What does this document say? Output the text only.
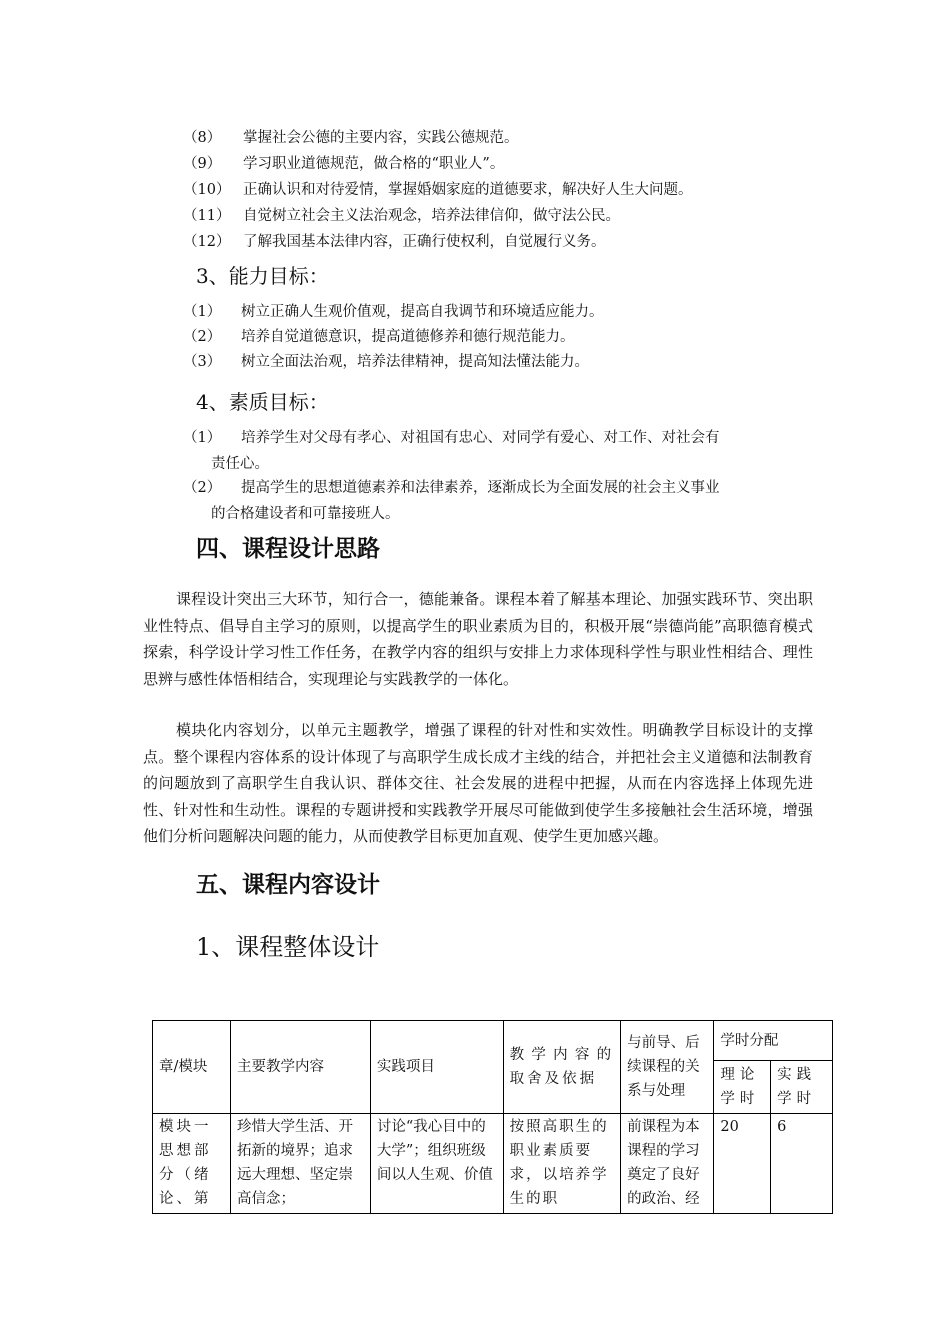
（8） 掌握社会公德的主要内容，实践公德规范。
（9） 学习职业道德规范，做合格的“职业人”。
（10） 正确认识和对待爱情，掌握婚姻家庭的道德要求，解决好人生大问题。
（11） 自觉树立社会主义法治观念，培养法律信仰，做守法公民。
（12） 了解我国基本法律内容，正确行使权利，自觉履行义务。
3、能力目标：
（1） 树立正确人生观价值观，提高自我调节和环境适应能力。
（2） 培养自觉道德意识，提高道德修养和德行规范能力。
（3） 树立全面法治观，培养法律精神，提高知法懂法能力。
4、素质目标：
（1） 培养学生对父母有孝心、对祖国有忠心、对同学有爱心、对工作、对社会有
责任心。
（2） 提高学生的思想道德素养和法律素养，逐渐成长为全面发展的社会主义事业
的合格建设者和可靠接班人。
四、课程设计思路

课程设计突出三大环节，知行合一，德能兼备。课程本着了解基本理论、加强实践环节、突出职业性特点、倡导自主学习的原则，以提高学生的职业素质为目的，积极开展“崇德尚能”高职德育模式探索，科学设计学习性工作任务，在教学内容的组织与安排上力求体现科学性与职业性相结合、理性思辨与感性体悟相结合，实现理论与实践教学的一体化。

模块化内容划分，以单元主题教学，增强了课程的针对性和实效性。明确教学目标设计的支撑点。整个课程内容体系的设计体现了与高职学生成长成才主线的结合，并把社会主义道德和法制教育的问题放到了高职学生自我认识、群体交往、社会发展的进程中把握，从而在内容选择上体现先进性、针对性和生动性。课程的专题讲授和实践教学开展尽可能做到使学生多接触社会生活环境，增强他们分析问题解决问题的能力，从而使教学目标更加直观、使学生更加感兴趣。

五、课程内容设计
1、课程整体设计
章/模块	主要教学内容	实践项目	教学内容的取舍及依据	与前导、后续课程的关系与处理	学时分配	
					理论学时	实践学时

模块一思想部分（绪论、第	珍惜大学生活、开拓新的境界；追求远大理想、坚定崇高信念；	讨论“我心目中的大学”；组织班级间以人生观、价值	按照高职生的职业素质要求，以培养学生的职	前课程为本课程的学习奠定了良好的政治、经	20	6
